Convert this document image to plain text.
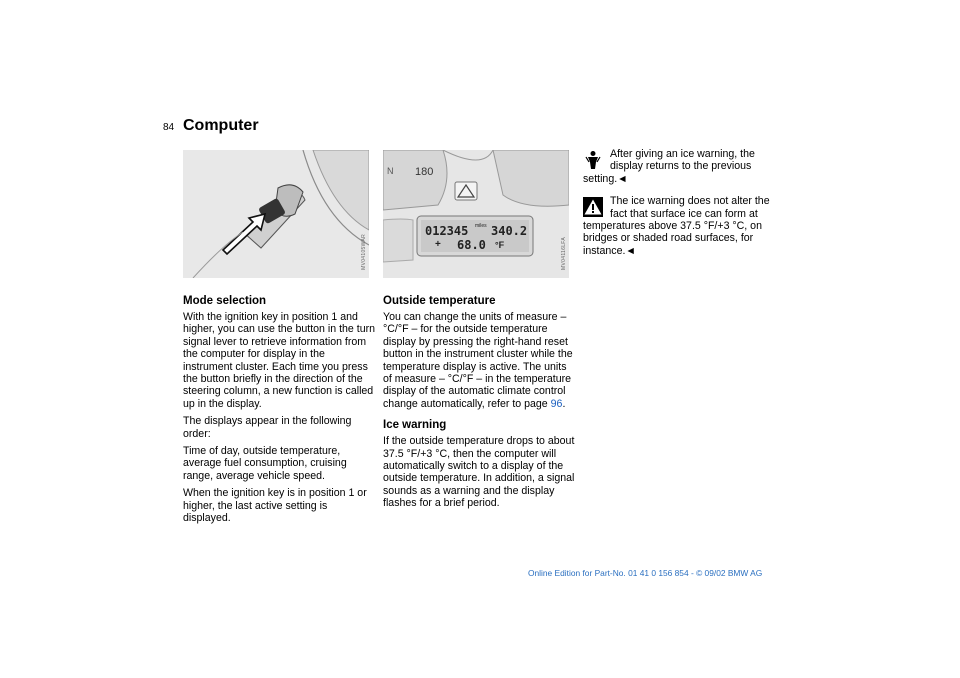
84 Computer
MV04105WAR
180
N
012345 miles 340.2
+ 68.0 °F	MV04116LFA
Mode selection

With the ignition key in position 1 and higher, you can use the button in the turn signal lever to retrieve information from the computer for display in the instrument cluster. Each time you press the button briefly in the direction of the steering column, a new function is called up in the display.

The displays appear in the following order:

Time of day, outside temperature, average fuel consumption, cruising range, average vehicle speed.

When the ignition key is in position 1 or higher, the last active setting is displayed.

Outside temperature

You can change the units of measure – °C/°F – for the outside temperature display by pressing the right-hand reset button in the instrument cluster while the temperature display is active. The units of measure – °C/°F – in the temperature display of the automatic climate control change automatically, refer to page 96.

Ice warning

If the outside temperature drops to about 37.5 °F/+3 °C, then the computer will automatically switch to a display of the outside temperature. In addition, a signal sounds as a warning and the display flashes for a brief period.

After giving an ice warning, the display returns to the previous
setting.◄
The ice warning does not alter the fact that surface ice can form at
temperatures above 37.5 °F/+3 °C, on bridges or shaded road surfaces, for instance.◄
Online Edition for Part-No. 01 41 0 156 854 - © 09/02 BMW AG
